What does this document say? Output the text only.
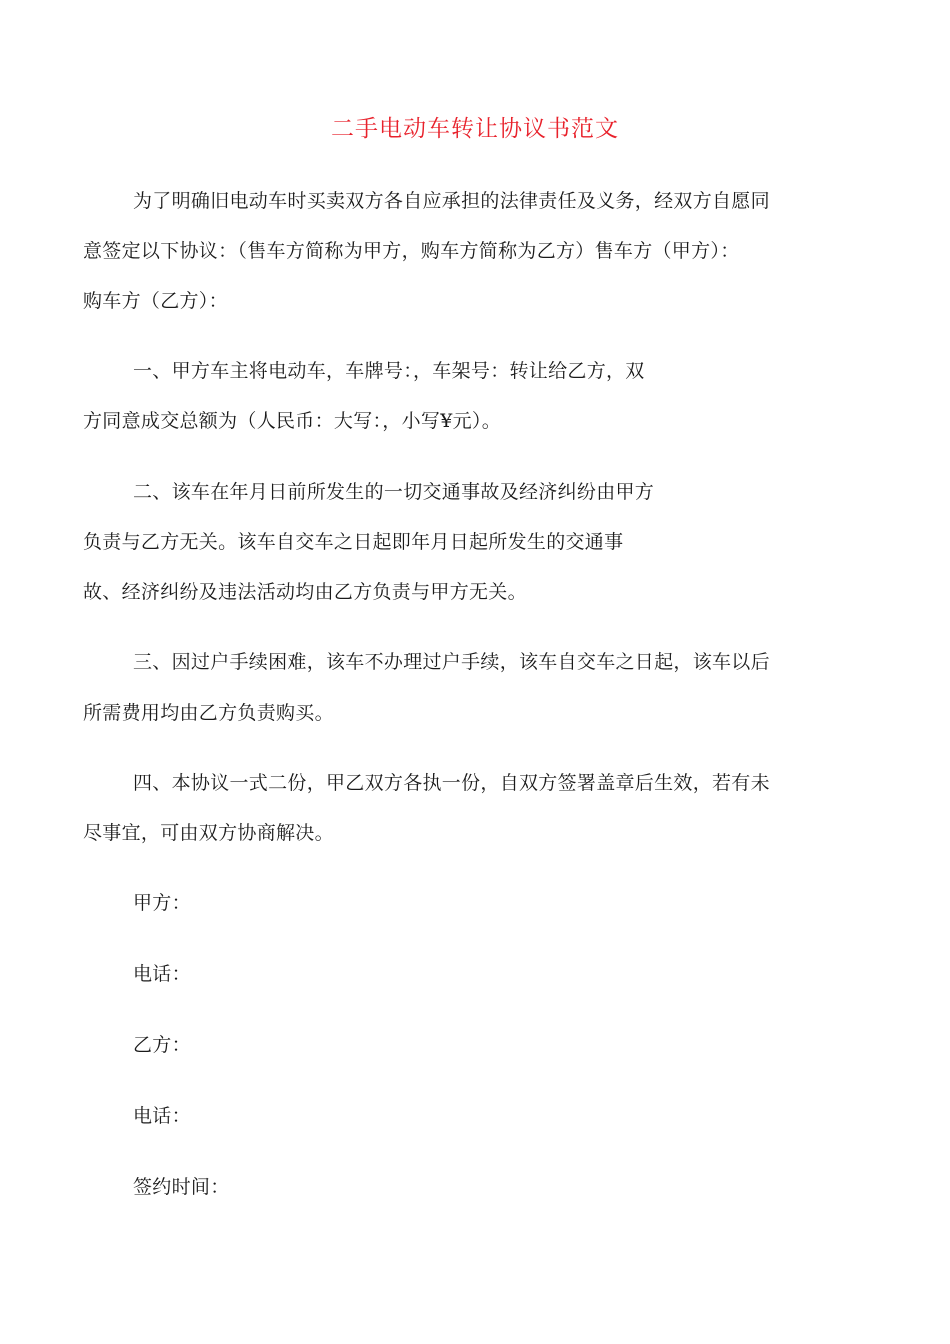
二手电动车转让协议书范文
为了明确旧电动车时买卖双方各自应承担的法律责任及义务，经双方自愿同
意签定以下协议：（售车方简称为甲方，购车方简称为乙方）售车方（甲方）：
购车方（乙方）：
一、甲方车主将电动车，车牌号：，车架号：转让给乙方，双
方同意成交总额为（人民币：大写：，小写¥元）。
二、该车在年月日前所发生的一切交通事故及经济纠纷由甲方
负责与乙方无关。该车自交车之日起即年月日起所发生的交通事
故、经济纠纷及违法活动均由乙方负责与甲方无关。
三、因过户手续困难，该车不办理过户手续，该车自交车之日起，该车以后
所需费用均由乙方负责购买。
四、本协议一式二份，甲乙双方各执一份，自双方签署盖章后生效，若有未
尽事宜，可由双方协商解决。
甲方：
电话：
乙方：
电话：
签约时间：
